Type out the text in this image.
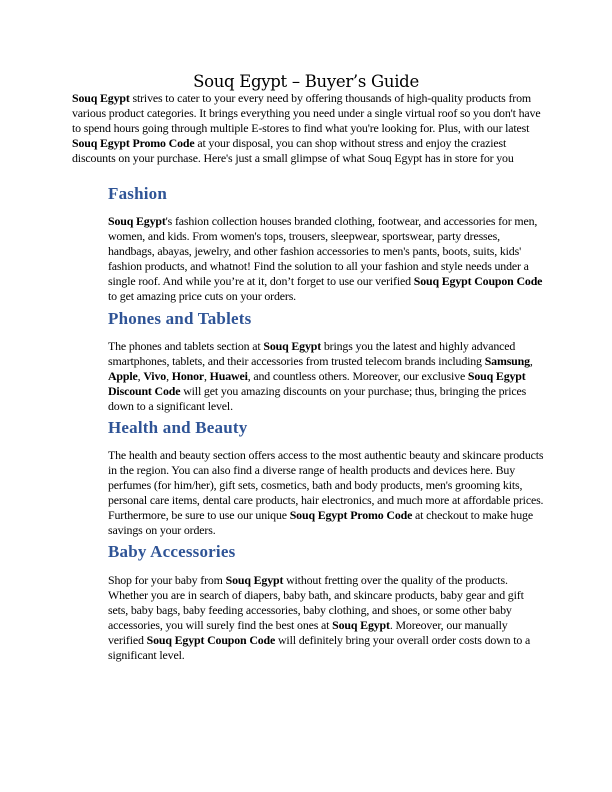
Souq Egypt – Buyer’s Guide

Souq Egypt strives to cater to your every need by offering thousands of high-quality products from various product categories. It brings everything you need under a single virtual roof so you don't have to spend hours going through multiple E-stores to find what you're looking for. Plus, with our latest Souq Egypt Promo Code at your disposal, you can shop without stress and enjoy the craziest discounts on your purchase. Here's just a small glimpse of what Souq Egypt has in store for you

Fashion

Souq Egypt's fashion collection houses branded clothing, footwear, and accessories for men, women, and kids. From women's tops, trousers, sleepwear, sportswear, party dresses, handbags, abayas, jewelry, and other fashion accessories to men's pants, boots, suits, kids' fashion products, and whatnot! Find the solution to all your fashion and style needs under a single roof. And while you’re at it, don’t forget to use our verified Souq Egypt Coupon Code to get amazing price cuts on your orders.

Phones and Tablets

The phones and tablets section at Souq Egypt brings you the latest and highly advanced smartphones, tablets, and their accessories from trusted telecom brands including Samsung, Apple, Vivo, Honor, Huawei, and countless others. Moreover, our exclusive Souq Egypt Discount Code will get you amazing discounts on your purchase; thus, bringing the prices down to a significant level.

Health and Beauty

The health and beauty section offers access to the most authentic beauty and skincare products in the region. You can also find a diverse range of health products and devices here. Buy perfumes (for him/her), gift sets, cosmetics, bath and body products, men's grooming kits, personal care items, dental care products, hair electronics, and much more at affordable prices. Furthermore, be sure to use our unique Souq Egypt Promo Code at checkout to make huge savings on your orders.

Baby Accessories

Shop for your baby from Souq Egypt without fretting over the quality of the products. Whether you are in search of diapers, baby bath, and skincare products, baby gear and gift sets, baby bags, baby feeding accessories, baby clothing, and shoes, or some other baby accessories, you will surely find the best ones at Souq Egypt. Moreover, our manually verified Souq Egypt Coupon Code will definitely bring your overall order costs down to a significant level.
